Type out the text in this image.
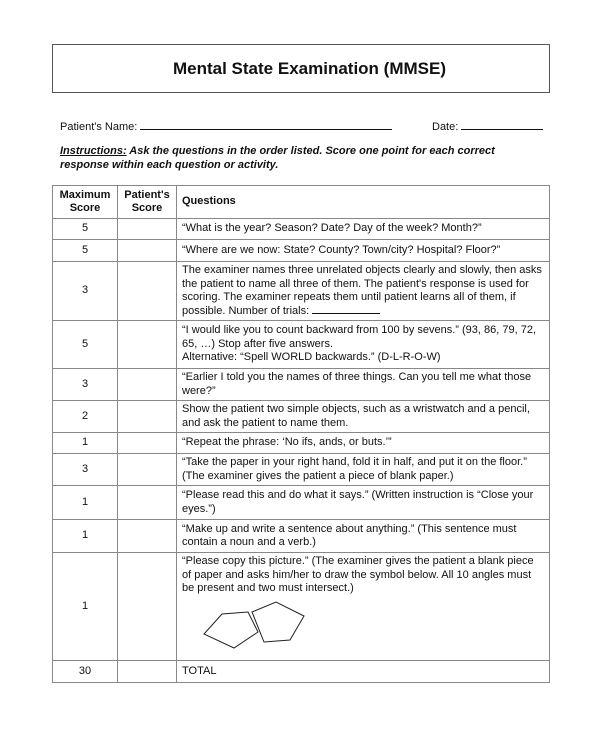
Mental State Examination (MMSE)
Patient's Name:	Date:
Instructions: Ask the questions in the order listed. Score one point for each correct response within each question or activity.
Maximum Score	Patient's Score	Questions
5		“What is the year? Season? Date? Day of the week? Month?”
5		“Where are we now: State? County? Town/city? Hospital? Floor?”
3		The examiner names three unrelated objects clearly and slowly, then asks the patient to name all three of them. The patient's response is used for scoring. The examiner repeats them until patient learns all of them, if possible. Number of trials:
5		“I would like you to count backward from 100 by sevens.” (93, 86, 79, 72, 65, …) Stop after five answers.
Alternative: “Spell WORLD backwards.” (D-L-R-O-W)
3		“Earlier I told you the names of three things. Can you tell me what those were?”
2		Show the patient two simple objects, such as a wristwatch and a pencil, and ask the patient to name them.
1		“Repeat the phrase: ‘No ifs, ands, or buts.’”
3		“Take the paper in your right hand, fold it in half, and put it on the floor.” (The examiner gives the patient a piece of blank paper.)
1		“Please read this and do what it says.” (Written instruction is “Close your eyes.”)
1		“Make up and write a sentence about anything.” (This sentence must contain a noun and a verb.)
1		“Please copy this picture.” (The examiner gives the patient a blank piece of paper and asks him/her to draw the symbol below. All 10 angles must be present and two must intersect.)

30		TOTAL
